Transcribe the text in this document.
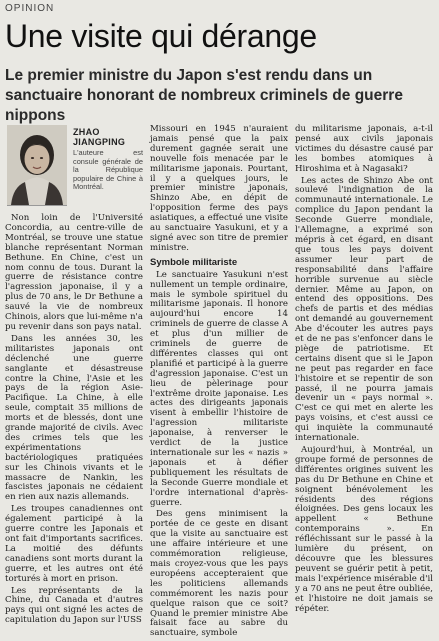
OPINION
Une visite qui dérange
Le premier ministre du Japon s'est rendu dans un sanctuaire honorant de nombreux criminels de guerre nippons
ZHAO
JIANGPING
L'auteure est consule générale de la République populaire de Chine à Montréal.

Non loin de l'Université Concordia, au centre-ville de Montréal, se trouve une statue blanche représentant Norman Bethune. En Chine, c'est un nom connu de tous. Durant la guerre de résistance contre l'agression japonaise, il y a plus de 70 ans, le Dr Bethune a sauvé la vie de nombreux Chinois, alors que lui-même n'a pu revenir dans son pays natal.

Dans les années 30, les militaristes japonais ont déclenché une guerre sanglante et désastreuse contre la Chine, l'Asie et les pays de la région Asie-Pacifique. La Chine, à elle seule, comptait 35 millions de morts et de blessés, dont une grande majorité de civils. Avec des crimes tels que les expérimentations bactériologiques pratiquées sur les Chinois vivants et le massacre de Nankin, les fascistes japonais ne cédaient en rien aux nazis allemands.

Les troupes canadiennes ont également participé à la guerre contre les Japonais et ont fait d'importants sacrifices. La moitié des défunts canadiens sont morts durant la guerre, et les autres ont été torturés à mort en prison.

Les représentants de la Chine, du Canada et d'autres pays qui ont signé les actes de capitulation du Japon sur l'USS

Missouri en 1945 n'auraient jamais pensé que la paix durement gagnée serait une nouvelle fois menacée par le militarisme japonais. Pourtant, il y a quelques jours, le premier ministre japonais, Shinzo Abe, en dépit de l'opposition ferme des pays asiatiques, a effectué une visite au sanctuaire Yasukuni, et y a signé avec son titre de premier ministre.

Symbole militariste

Le sanctuaire Yasukuni n'est nullement un temple ordinaire, mais le symbole spirituel du militarisme japonais. Il honore aujourd'hui encore 14 criminels de guerre de classe A et plus d'un millier de criminels de guerre de différentes classes qui ont planifié et participé à la guerre d'agression japonaise. C'est un lieu de pèlerinage pour l'extrême droite japonaise. Les actes des dirigeants japonais visent à embellir l'histoire de l'agression militariste japonaise, à renverser le verdict de la justice internationale sur les « nazis » japonais et à défier publiquement les résultats de la Seconde Guerre mondiale et l'ordre international d'après-guerre.

Des gens minimisent la portée de ce geste en disant que la visite au sanctuaire est une affaire intérieure et une commémoration religieuse, mais croyez-vous que les pays européens accepteraient que les politiciens allemands commémorent les nazis pour quelque raison que ce soit? Quand le premier ministre Abe faisait face au sabre du sanctuaire, symbole

du militarisme japonais, a-t-il pensé aux civils japonais victimes du désastre causé par les bombes atomiques à Hiroshima et à Nagasaki?

Les actes de Shinzo Abe ont soulevé l'indignation de la communauté internationale. Le complice du Japon pendant la Seconde Guerre mondiale, l'Allemagne, a exprimé son mépris à cet égard, en disant que tous les pays doivent assumer leur part de responsabilité dans l'affaire horrible survenue au siècle dernier. Même au Japon, on entend des oppositions. Des chefs de partis et des médias ont demandé au gouvernement Abe d'écouter les autres pays et de ne pas s'enfoncer dans le piège de patriotisme. Et certains disent que si le Japon ne peut pas regarder en face l'histoire et se repentir de son passé, il ne pourra jamais devenir un « pays normal ». C'est ce qui met en alerte les pays voisins, et c'est aussi ce qui inquiète la communauté internationale.

Aujourd'hui, à Montréal, un groupe formé de personnes de différentes origines suivent les pas du Dr Bethune en Chine et soignent bénévolement les résidents des régions éloignées. Des gens locaux les appellent « Bethune contemporains ». En réfléchissant sur le passé à la lumière du présent, on découvre que les blessures peuvent se guérir petit à petit, mais l'expérience misérable d'il y a 70 ans ne peut être oubliée, et l'histoire ne doit jamais se répéter.
